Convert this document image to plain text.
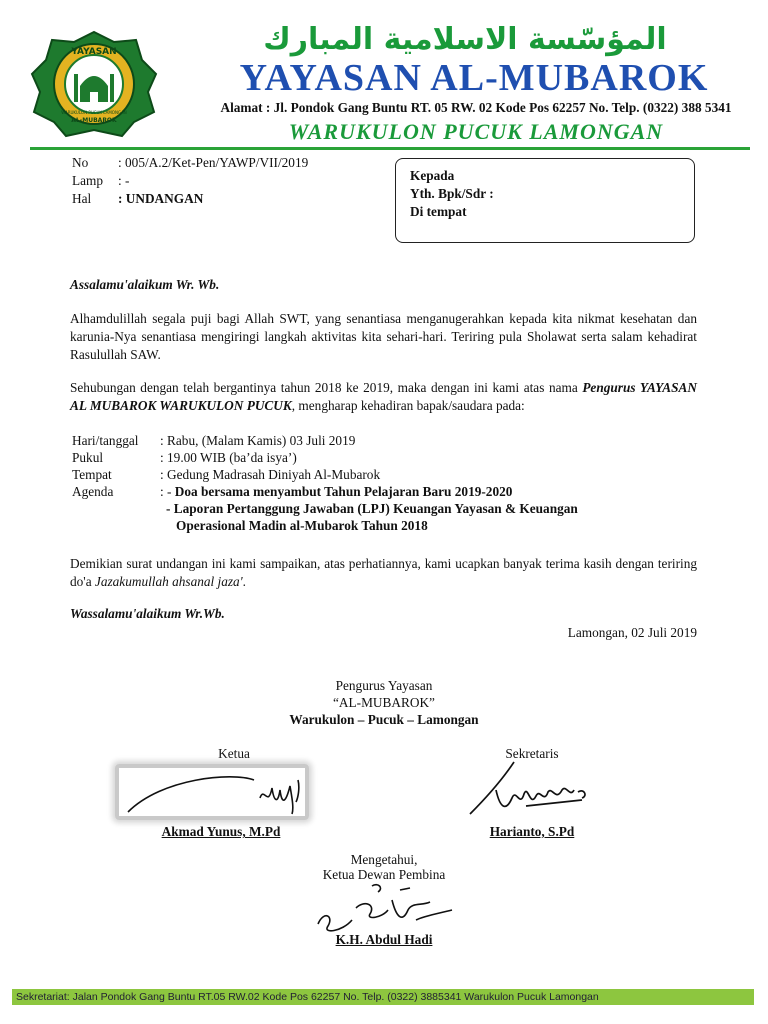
YAYASAN
AL-MUBAROK
WARUKULON PUCUK LAMONGAN
المؤسّسة الاسلامية المبارك
YAYASAN AL-MUBAROK
Alamat : Jl. Pondok Gang Buntu RT. 05 RW. 02 Kode Pos 62257 No. Telp. (0322) 388 5341
WARUKULON PUCUK LAMONGAN
No : 005/A.2/Ket-Pen/YAWP/VII/2019
Lamp : -
Hal : UNDANGAN
Kepada
Yth. Bpk/Sdr :
Di tempat
Assalamu'alaikum Wr. Wb.
Alhamdulillah segala puji bagi Allah SWT, yang senantiasa menganugerahkan kepada kita nikmat kesehatan dan karunia-Nya senantiasa mengiringi langkah aktivitas kita sehari-hari. Teriring pula Sholawat serta salam kehadirat Rasulullah SAW.
Sehubungan dengan telah bergantinya tahun 2018 ke 2019, maka dengan ini kami atas nama Pengurus YAYASAN AL MUBAROK WARUKULON PUCUK, mengharap kehadiran bapak/saudara pada:
Hari/tanggal : Rabu, (Malam Kamis) 03 Juli 2019
Pukul	: 19.00 WIB (ba’da isya’)
Tempat	: Gedung Madrasah Diniyah Al-Mubarok
Agenda	: - Doa bersama menyambut Tahun Pelajaran Baru 2019-2020
- Laporan Pertanggung Jawaban (LPJ) Keuangan Yayasan & Keuangan
Operasional Madin al-Mubarok Tahun 2018
Demikian surat undangan ini kami sampaikan, atas perhatiannya, kami ucapkan banyak terima kasih dengan teriring do'a Jazakumullah ahsanal jaza'.
Wassalamu'alaikum Wr.Wb.
Lamongan, 02 Juli 2019
Pengurus Yayasan
“AL-MUBAROK”
Warukulon – Pucuk – Lamongan
Ketua
Akmad Yunus, M.Pd
Sekretaris
Harianto, S.Pd
Mengetahui,
Ketua Dewan Pembina
K.H. Abdul Hadi
Sekretariat: Jalan Pondok Gang Buntu RT.05 RW.02 Kode Pos 62257 No. Telp. (0322) 3885341 Warukulon Pucuk Lamongan
